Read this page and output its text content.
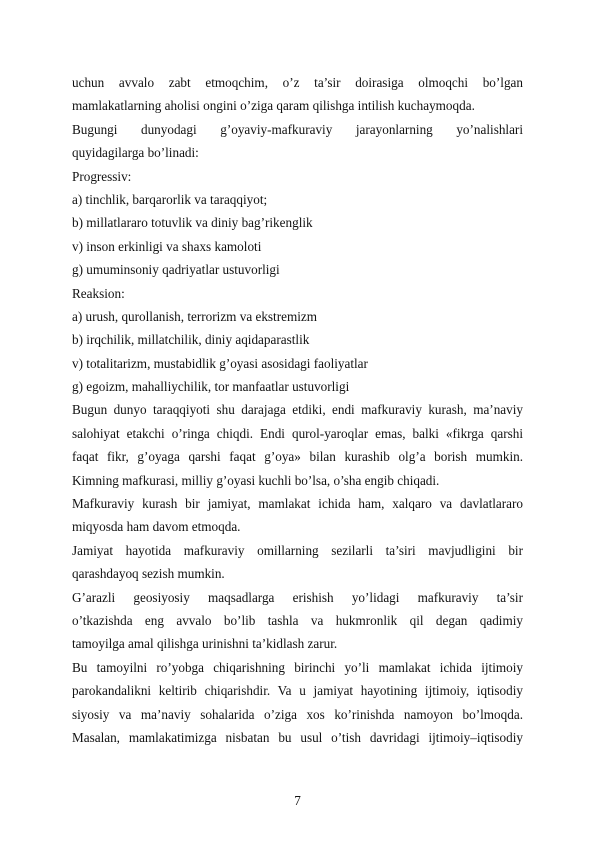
uchun avvalo zabt etmoqchim, o’z ta’sir doirasiga olmoqchi bo’lgan
mamlakatlarning aholisi ongini o’ziga qaram qilishga intilish kuchaymoqda.
Bugungi dunyodagi g’oyaviy-mafkuraviy jarayonlarning yo’nalishlari
quyidagilarga bo’linadi:
Progressiv:
a) tinchlik, barqarorlik va taraqqiyot;
b) millatlararo totuvlik va diniy bag’rikenglik
v) inson erkinligi va shaxs kamoloti
g) umuminsoniy qadriyatlar ustuvorligi
Reaksion:
a) urush, qurollanish, terrorizm va ekstremizm
b) irqchilik, millatchilik, diniy aqidaparastlik
v) totalitarizm, mustabidlik g’oyasi asosidagi faoliyatlar
g) egoizm, mahalliychilik, tor manfaatlar ustuvorligi
Bugun dunyo taraqqiyoti shu darajaga etdiki, endi mafkuraviy kurash, ma’naviy
salohiyat etakchi o’ringa chiqdi. Endi qurol-yaroqlar emas, balki «fikrga qarshi
faqat fikr, g’oyaga qarshi faqat g’oya» bilan kurashib olg’a borish mumkin.
Kimning mafkurasi, milliy g’oyasi kuchli bo’lsa, o’sha engib chiqadi.
Mafkuraviy kurash bir jamiyat, mamlakat ichida ham, xalqaro va davlatlararo
miqyosda ham davom etmoqda.
Jamiyat hayotida mafkuraviy omillarning sezilarli ta’siri mavjudligini bir
qarashdayoq sezish mumkin.
G’arazli geosiyosiy maqsadlarga erishish yo’lidagi mafkuraviy ta’sir
o’tkazishda eng avvalo bo’lib tashla va hukmronlik qil degan qadimiy
tamoyilga amal qilishga urinishni ta’kidlash zarur.
Bu tamoyilni ro’yobga chiqarishning birinchi yo’li mamlakat ichida ijtimoiy
parokandalikni keltirib chiqarishdir. Va u jamiyat hayotining ijtimoiy, iqtisodiy
siyosiy va ma’naviy sohalarida o’ziga xos ko’rinishda namoyon bo’lmoqda.
Masalan, mamlakatimizga nisbatan bu usul o’tish davridagi ijtimoiy–iqtisodiy
7
